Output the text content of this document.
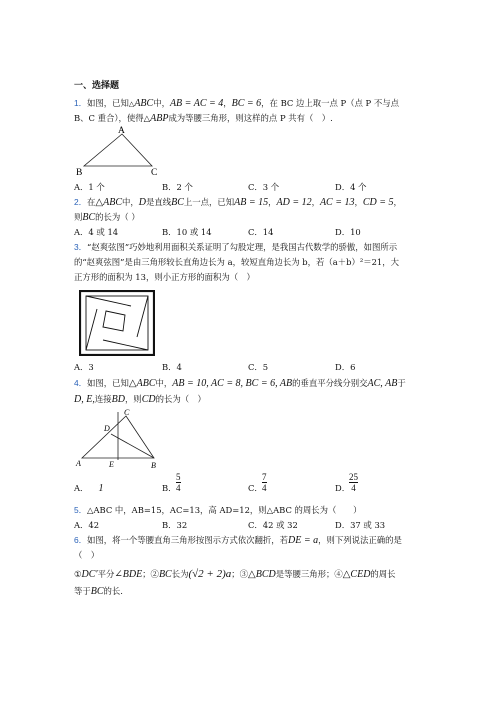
一、选择题
1．如图，已知△ABC中，AB = AC = 4，BC = 6，在 BC 边上取一点 P（点 P 不与点
B、C 重合），使得△ABP成为等腰三角形，则这样的点 P 共有（　）.
A
B	C
A．1 个	B．2 个	C．3 个	D．4 个
2．在△ABC中，D是直线BC上一点，已知AB = 15，AD = 12，AC = 13，CD = 5，
则BC的长为（ ）
A．4 或 14	B．10 或 14	C．14	D．10
3．“赵爽弦图”巧妙地利用面积关系证明了勾股定理，是我国古代数学的骄傲，如图所示
的“赵爽弦图”是由三角形较长直角边长为 a，较短直角边长为 b，若（a＋b）²＝21，大
正方形的面积为 13，则小正方形的面积为（　）
A．3	B．4	C．5	D．6
4．如图，已知△ABC中，AB = 10, AC = 8, BC = 6, AB的垂直平分线分别交AC, AB于
D, E,连接BD，则CD的长为（　）
C
D
A	E	B
A． 1	B．
5
4	C．
7
4	D．
25
4
5．△ABC 中，AB=15，AC=13，高 AD=12，则△ABC 的周长为（　　）
A．42	B．32	C．42 或 32	D．37 或 33
6．如图，将一个等腰直角三角形按图示方式依次翻折，若DE = a，则下列说法正确的是
（　）
①DC′平分∠BDE；②BC长为(√2 + 2)a；③△BCD是等腰三角形；④△CED的周长
等于BC的长.
